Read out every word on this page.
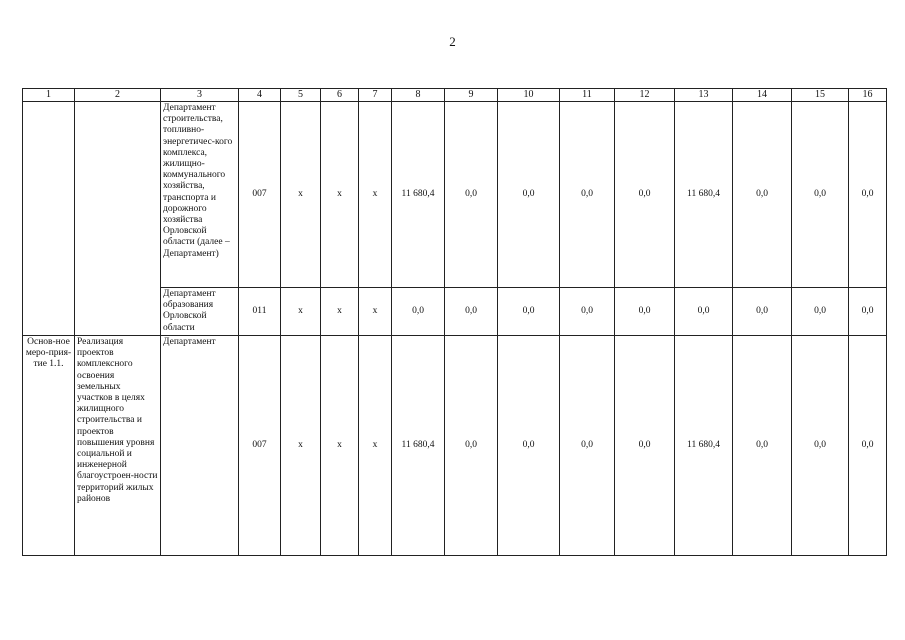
2
1	2	3	4	5	6	7	8	9	10	11	12	13	14	15	16
		Департамент строительства, топливно-энергетичес-кого комплекса, жилищно-коммунального хозяйства, транспорта и дорожного хозяйства Орловской области (далее – Департамент)	007	x	x	x	11 680,4	0,0	0,0	0,0	0,0	11 680,4	0,0	0,0	0,0
		Департамент образования Орловской области	011	x	x	x	0,0	0,0	0,0	0,0	0,0	0,0	0,0	0,0	0,0
Основ-ное меро-прия-тие 1.1.	Реализация проектов комплексного освоения земельных участков в целях жилищного строительства и проектов повышения уровня социальной и инженерной благоустроен-ности территорий жилых районов	Департамент	007	x	x	x	11 680,4	0,0	0,0	0,0	0,0	11 680,4	0,0	0,0	0,0
